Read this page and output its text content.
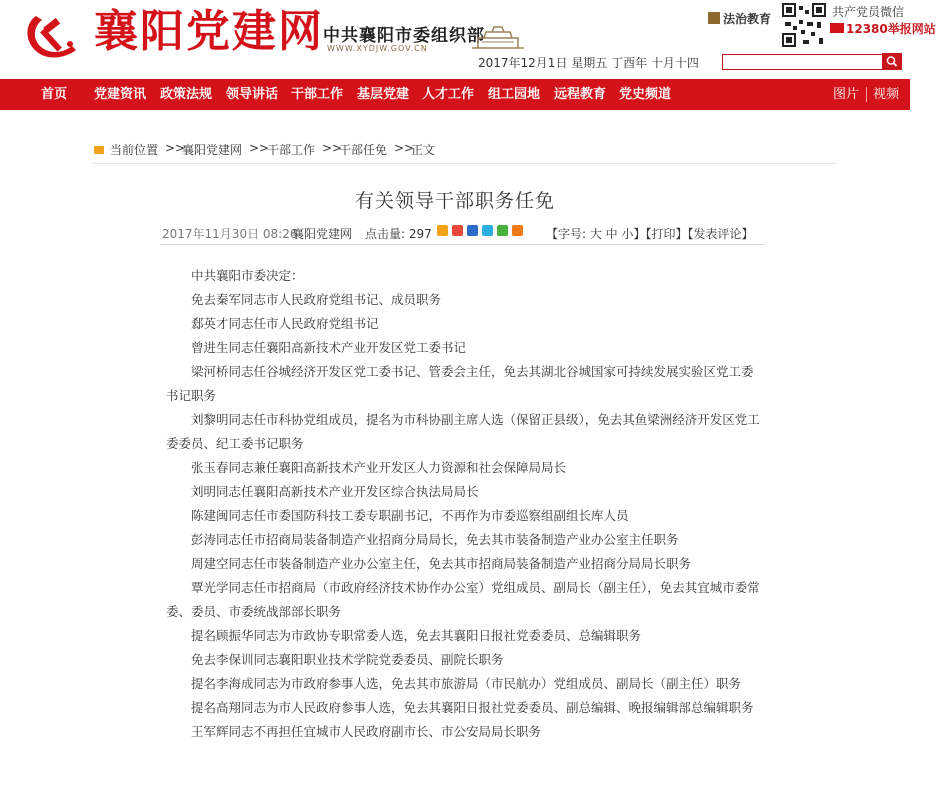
襄阳党建网 中共襄阳市委组织部
WWW.XYDJW.GOV.CN
2017年12月1日 星期五 丁酉年 十月十四
法治教育	共产党员微信
12380举报网站
首页 党建资讯 政策法规 领导讲话 干部工作 基层党建 人才工作 组工园地 远程教育 党史频道	图片 视频
当前位置 >>
襄阳党建网 >>
干部工作 >>
干部任免 >>
正文
有关领导干部职务任免
2017年11月30日 08:26
襄阳党建网 点击量: 297	【字号: 大 中 小】【打印】【发表评论】

中共襄阳市委决定：

免去秦军同志市人民政府党组书记、成员职务

郄英才同志任市人民政府党组书记

曾进生同志任襄阳高新技术产业开发区党工委书记

梁河桥同志任谷城经济开发区党工委书记、管委会主任，免去其湖北谷城国家可持续发展实验区党工委书记职务

刘黎明同志任市科协党组成员，提名为市科协副主席人选（保留正县级），免去其鱼梁洲经济开发区党工委委员、纪工委书记职务

张玉春同志兼任襄阳高新技术产业开发区人力资源和社会保障局局长

刘明同志任襄阳高新技术产业开发区综合执法局局长

陈建闽同志任市委国防科技工委专职副书记，不再作为市委巡察组副组长库人员

彭涛同志任市招商局装备制造产业招商分局局长，免去其市装备制造产业办公室主任职务

周建空同志任市装备制造产业办公室主任，免去其市招商局装备制造产业招商分局局长职务

覃光学同志任市招商局（市政府经济技术协作办公室）党组成员、副局长（副主任），免去其宜城市委常委、委员、市委统战部部长职务

提名顾振华同志为市政协专职常委人选，免去其襄阳日报社党委委员、总编辑职务

免去李保训同志襄阳职业技术学院党委委员、副院长职务

提名李海成同志为市政府参事人选，免去其市旅游局（市民航办）党组成员、副局长（副主任）职务

提名高翔同志为市人民政府参事人选，免去其襄阳日报社党委委员、副总编辑、晚报编辑部总编辑职务

王军辉同志不再担任宜城市人民政府副市长、市公安局局长职务
